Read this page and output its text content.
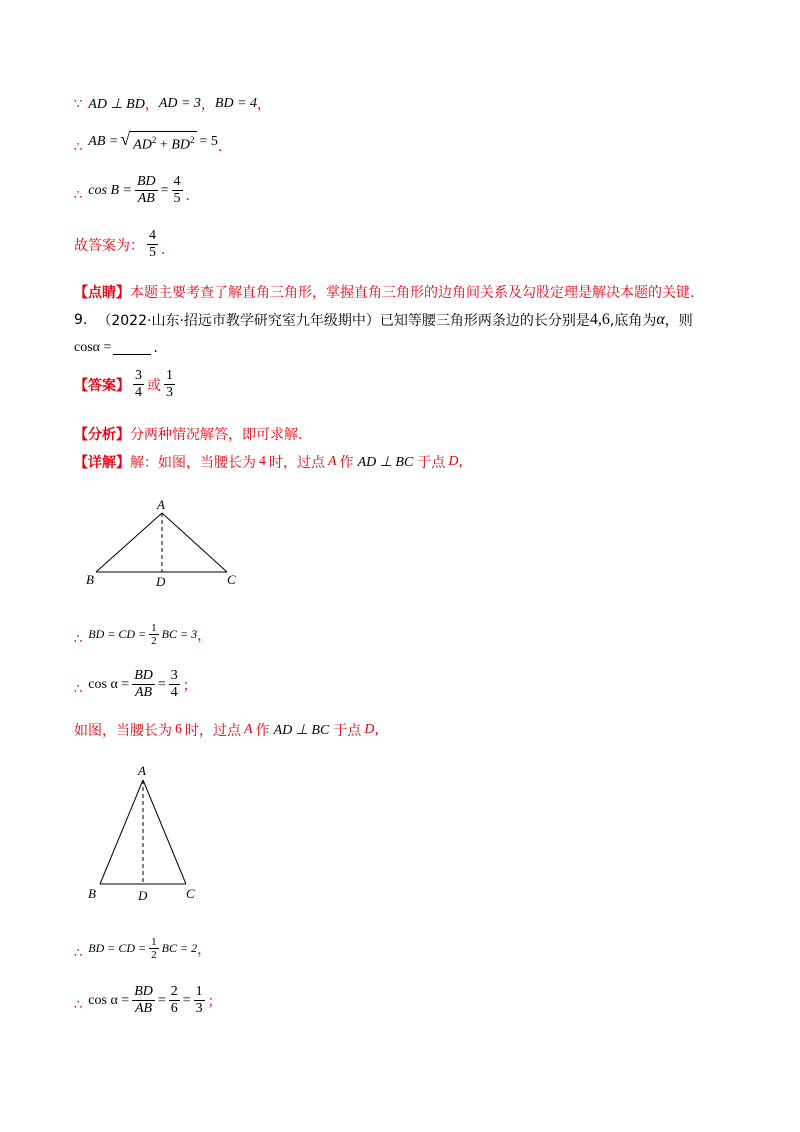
∵ AD ⊥ BD ， AD = 3 ， BD = 4 ，
∴ AB = √ $AD^2 + BD^2 = 5$ .
∴ $\cos B = \frac{BD}{AB} = \frac{4}{5}$ .
故答案为： $\frac{4}{5}$ .
【点睛】 本题主要考查了解直角三角形，掌握直角三角形的边角间关系及勾股定理是解决本题的关键.
9. （2022·山东·招远市教学研究室九年级期中）已知等腰三角形两条边的长分别是 4,6 ,底角为 α ，则
cosα =	.
【答案】 $\frac{3}{4}$ 或 $\frac{1}{3}$
【分析】 分两种情况解答，即可求解.
【详解】 解：如图，当腰长为 4 时，过点 A 作 AD ⊥ BC 于点 D ,
A
B	D	C
∴ BD = CD = $\frac{1}{2}$ BC = 3 ，
∴ $\cos \alpha = \frac{BD}{AB} = \frac{3}{4}$ ；
如图，当腰长为 6 时，过点 A 作 AD ⊥ BC 于点 D ,
A
B	D	C
∴ BD = CD = $\frac{1}{2}$ BC = 2 ，
∴ $\cos \alpha = \frac{BD}{AB} = \frac{2}{6} = \frac{1}{3}$ ；
